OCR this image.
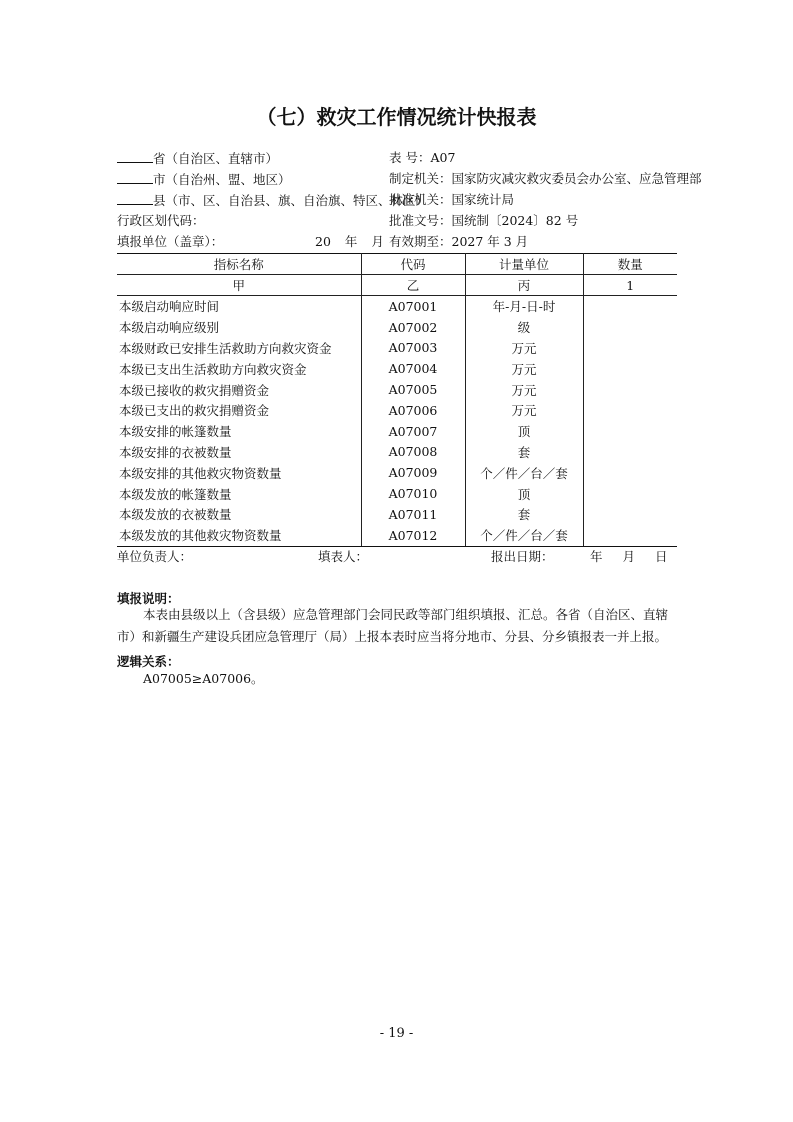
（七）救灾工作情况统计快报表
省（自治区、直辖市）
市（自治州、盟、地区）
县（市、区、自治县、旗、自治旗、特区、林区）
行政区划代码：
填报单位（盖章）：	20 年 月
表 号：A07
制定机关：国家防灾减灾救灾委员会办公室、应急管理部
批准机关：国家统计局
批准文号：国统制〔2024〕82 号
有效期至：2027 年 3 月
指标名称	代码	计量单位	数量
甲	乙	丙	1
本级启动响应时间	A07001	年-月-日-时	
本级启动响应级别	A07002	级	
本级财政已安排生活救助方向救灾资金	A07003	万元	
本级已支出生活救助方向救灾资金	A07004	万元	
本级已接收的救灾捐赠资金	A07005	万元	
本级已支出的救灾捐赠资金	A07006	万元	
本级安排的帐篷数量	A07007	顶	
本级安排的衣被数量	A07008	套	
本级安排的其他救灾物资数量	A07009	个／件／台／套	
本级发放的帐篷数量	A07010	顶	
本级发放的衣被数量	A07011	套	
本级发放的其他救灾物资数量	A07012	个／件／台／套	
单位负责人：	填表人：	报出日期：	年 月 日
填报说明：
本表由县级以上（含县级）应急管理部门会同民政等部门组织填报、汇总。各省（自治区、直辖市）和新疆生产建设兵团应急管理厅（局）上报本表时应当将分地市、分县、分乡镇报表一并上报。
逻辑关系：
A07005≥A07006。
- 19 -
